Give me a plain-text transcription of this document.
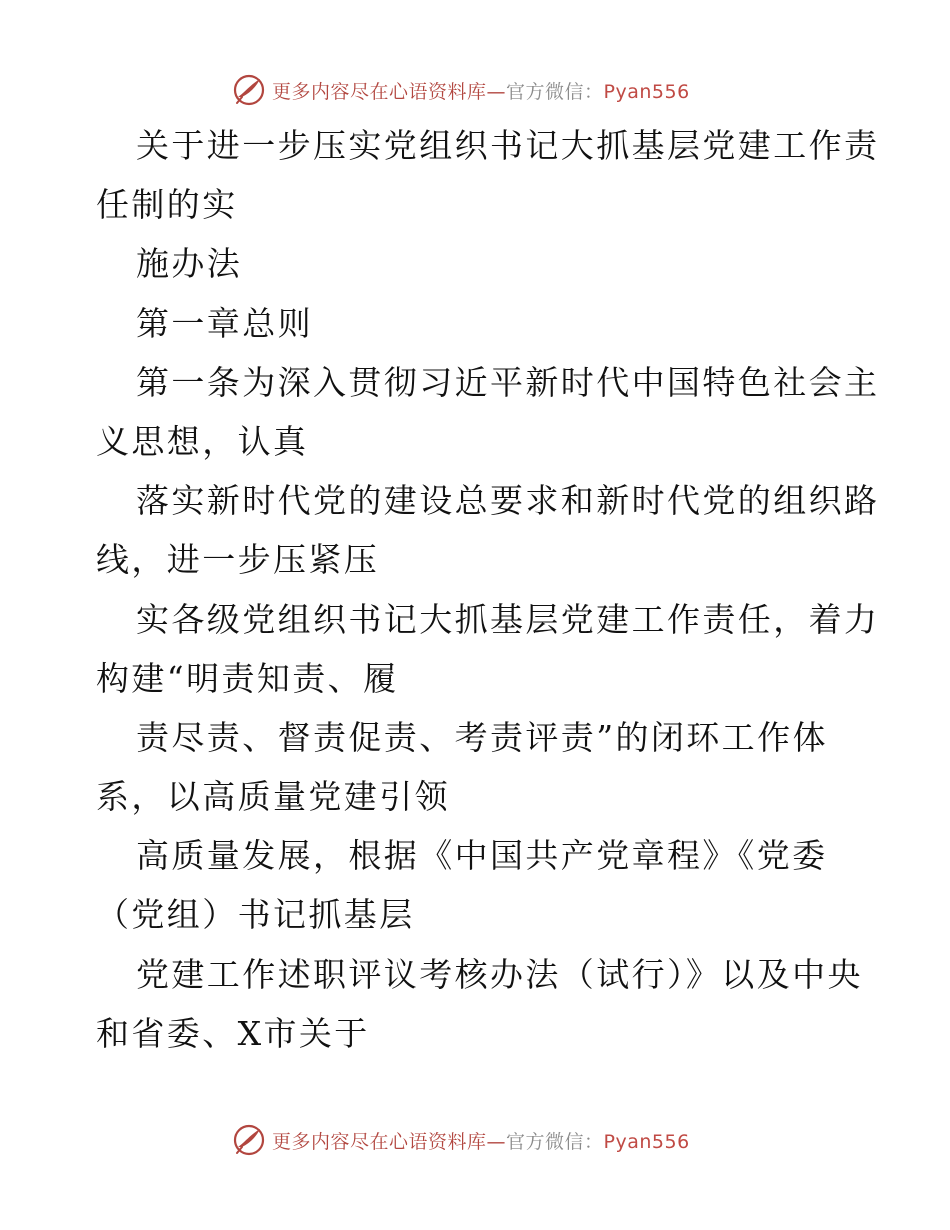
更多内容尽在心语资料库—官方微信：Pyan556
关于进一步压实党组织书记大抓基层党建工作责
任制的实
施办法
第一章总则
第一条为深入贯彻习近平新时代中国特色社会主
义思想，认真
落实新时代党的建设总要求和新时代党的组织路
线，进一步压紧压
实各级党组织书记大抓基层党建工作责任，着力
构建“明责知责、履
责尽责、督责促责、考责评责”的闭环工作体
系，以高质量党建引领
高质量发展，根据《中国共产党章程》《党委
（党组）书记抓基层
党建工作述职评议考核办法（试行）》以及中央
和省委、X市关于
更多内容尽在心语资料库—官方微信：Pyan556
